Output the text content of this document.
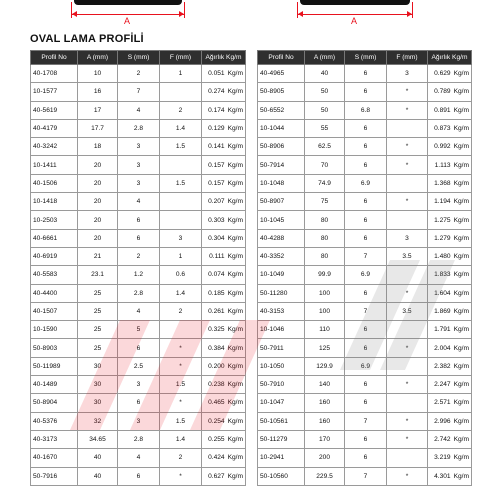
A	A
OVAL LAMA PROFİLİ
Profil No	A (mm)	S (mm)	F (mm)	Ağırlık Kg/m
40-1708	10	2	1	0.051 Kg/m
10-1577	16	7		0.274 Kg/m
40-5619	17	4	2	0.174 Kg/m
40-4179	17.7	2.8	1.4	0.129 Kg/m
40-3242	18	3	1.5	0.141 Kg/m
10-1411	20	3		0.157 Kg/m
40-1506	20	3	1.5	0.157 Kg/m
10-1418	20	4		0.207 Kg/m
10-2503	20	6		0.303 Kg/m
40-6661	20	6	3	0.304 Kg/m
40-6919	21	2	1	0.111 Kg/m
40-5583	23.1	1.2	0.6	0.074 Kg/m
40-4400	25	2.8	1.4	0.185 Kg/m
40-1507	25	4	2	0.261 Kg/m
10-1590	25	5		0.325 Kg/m
50-8903	25	6	*	0.384 Kg/m
50-11989	30	2.5	*	0.200 Kg/m
40-1489	30	3	1.5	0.238 Kg/m
50-8904	30	6	*	0.465 Kg/m
40-5376	32	3	1.5	0.254 Kg/m
40-3173	34.65	2.8	1.4	0.255 Kg/m
40-1670	40	4	2	0.424 Kg/m
50-7916	40	6	*	0.627 Kg/m
Profil No	A (mm)	S (mm)	F (mm)	Ağırlık Kg/m
40-4965	40	6	3	0.629 Kg/m
50-8905	50	6	*	0.789 Kg/m
50-6552	50	6.8	*	0.891 Kg/m
10-1044	55	6		0.873 Kg/m
50-8906	62.5	6	*	0.992 Kg/m
50-7914	70	6	*	1.113 Kg/m
10-1048	74.9	6.9		1.368 Kg/m
50-8907	75	6	*	1.194 Kg/m
10-1045	80	6		1.275 Kg/m
40-4288	80	6	3	1.279 Kg/m
40-3352	80	7	3.5	1.480 Kg/m
10-1049	99.9	6.9		1.833 Kg/m
50-11280	100	6	*	1.604 Kg/m
40-3153	100	7	3.5	1.869 Kg/m
10-1046	110	6		1.791 Kg/m
50-7911	125	6	*	2.004 Kg/m
10-1050	129.9	6.9		2.382 Kg/m
50-7910	140	6	*	2.247 Kg/m
10-1047	160	6		2.571 Kg/m
50-10561	160	7	*	2.996 Kg/m
50-11279	170	6	*	2.742 Kg/m
10-2941	200	6		3.219 Kg/m
50-10560	229.5	7	*	4.301 Kg/m
